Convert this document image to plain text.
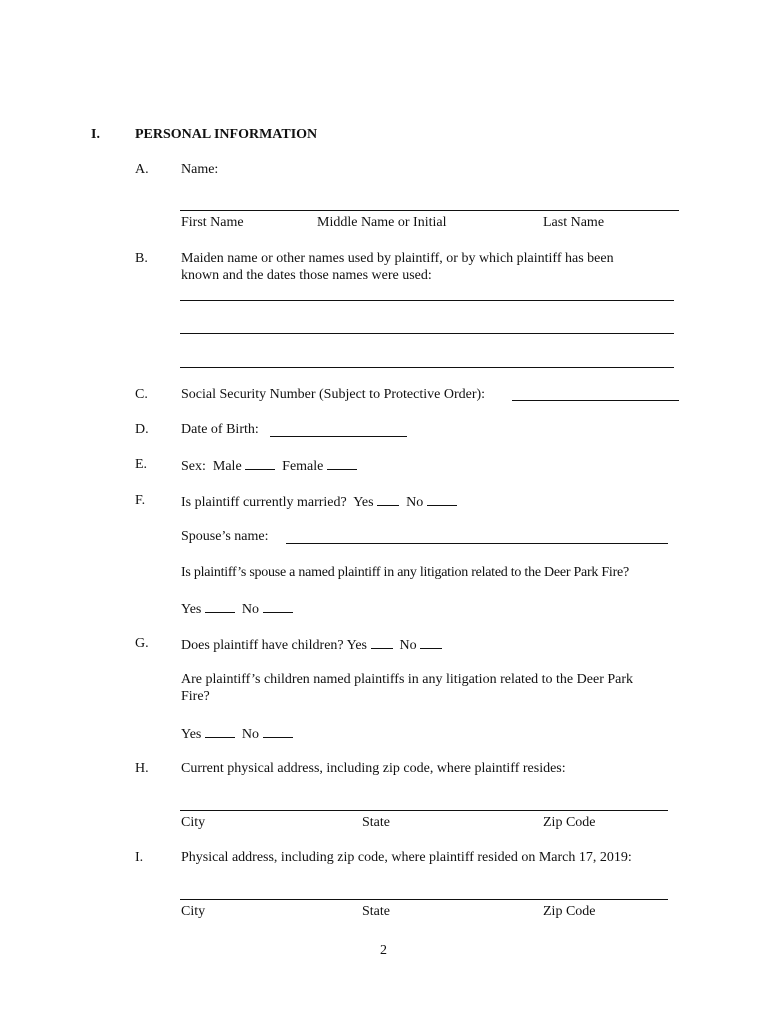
I.	PERSONAL INFORMATION
A. Name:
First Name	Middle Name or Initial	Last Name
B. Maiden name or other names used by plaintiff, or by which plaintiff has been
known and the dates those names were used:
C. Social Security Number (Subject to Protective Order):
D. Date of Birth:
E. Sex: Male	Female
F.	Is plaintiff currently married? Yes No
Spouse’s name:
Is plaintiff’s spouse a named plaintiff in any litigation related to the Deer Park Fire?
Yes	No
G. Does plaintiff have children? Yes No
Are plaintiff’s children named plaintiffs in any litigation related to the Deer Park
Fire?
Yes	No
H. Current physical address, including zip code, where plaintiff resides:
City	State	Zip Code
I.	Physical address, including zip code, where plaintiff resided on March 17, 2019:
City	State	Zip Code
2
